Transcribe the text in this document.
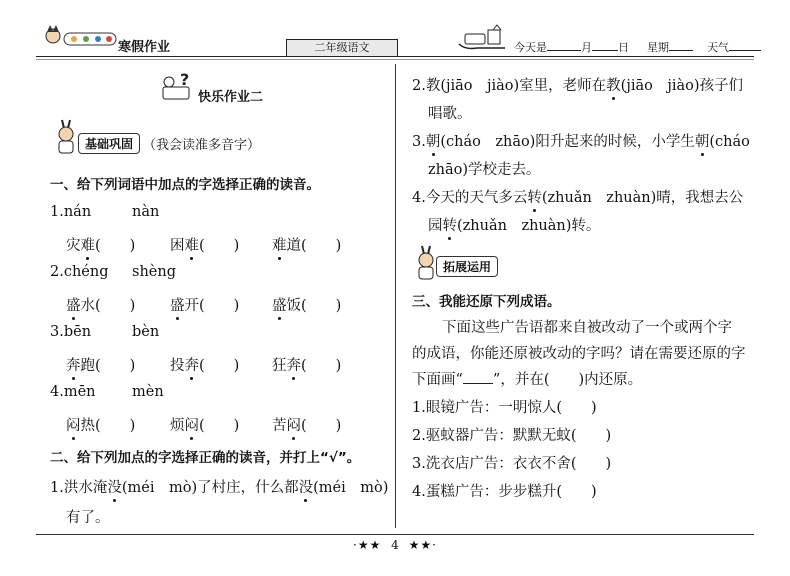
寒假作业	二年级语文	今天是	月 日 星期	天气
?
快乐作业二
基础巩固 （我会读准多音字）
一、给下列词语中加点的字选择正确的读音。
1.nán	nàn
灾难(　　) 困难(　　) 难道(　　)
2.chéng shèng
盛水(　　) 盛开(　　) 盛饭(　　)
3.bēn	bèn
奔跑(　　) 投奔(　　) 狂奔(　　)
4.mēn	mèn
闷热(　　) 烦闷(　　) 苦闷(　　)
二、给下列加点的字选择正确的读音，并打上“√”。
1.洪水淹没(méi　mò)了村庄，什么都没(méi　mò)
有了。
2.教(jiāo　jiào)室里，老师在教(jiāo　jiào)孩子们
唱歌。
3.朝(cháo　zhāo)阳升起来的时候，小学生朝(cháo
zhāo)学校走去。
4.今天的天气多云转(zhuǎn　zhuàn)晴，我想去公
园转(zhuǎn　zhuàn)转。
拓展运用
三、我能还原下列成语。
下面这些广告语都来自被改动了一个或两个字
的成语，你能还原被改动的字吗？请在需要还原的字
下面画“ ”，并在(　　)内还原。
1.眼镜广告：一明惊人(　　)
2.驱蚊器广告：默默无蚊(　　)
3.洗衣店广告：衣衣不舍(　　)
4.蛋糕广告：步步糕升(　　)
·★★ 4 ★★·
